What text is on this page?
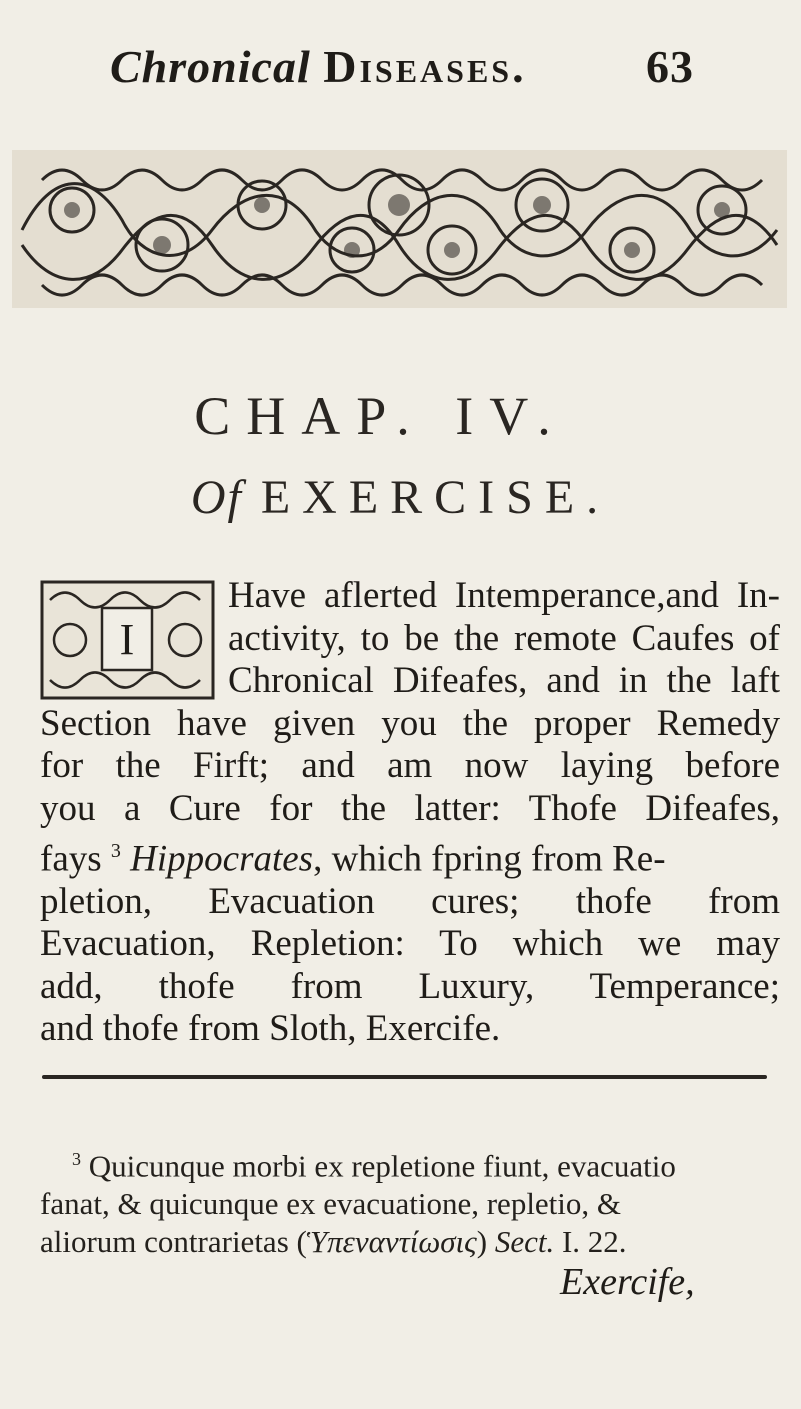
Chronical Diseases.	63
CHAP. IV.
Of EXERCISE.
I
Have aflerted Intemperance,and In-
activity, to be the remote Caufes of
Chronical Difeafes, and in the laft
Section have given you the proper Remedy
for the Firft; and am now laying before
you a Cure for the latter: Thofe Difeafes,
fays $^3$ Hippocrates, which fpring from Re-
pletion, Evacuation cures; thofe from
Evacuation, Repletion: To which we may
add, thofe from Luxury, Temperance;
and thofe from Sloth, Exercife.
$^3$ Quicunque morbi ex repletione fiunt, evacuatio
fanat, & quicunque ex evacuatione, repletio, &
aliorum contrarietas (Ὑπεναντίωσις) Sect. I. 22.
Exercife,
